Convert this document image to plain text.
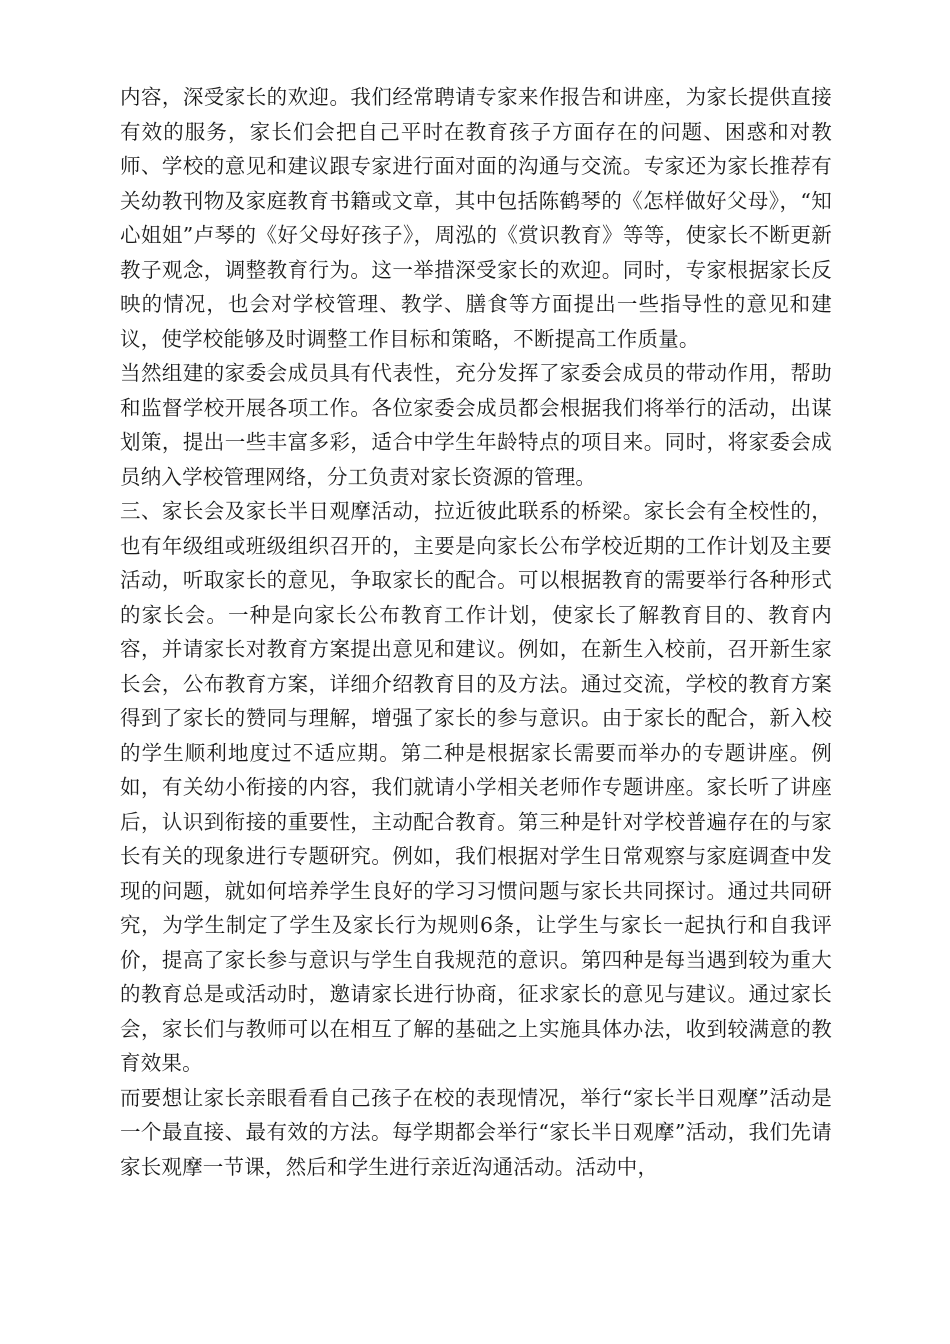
内容，深受家长的欢迎。我们经常聘请专家来作报告和讲座，为家长提供直接有效的服务，家长们会把自己平时在教育孩子方面存在的问题、困惑和对教师、学校的意见和建议跟专家进行面对面的沟通与交流。专家还为家长推荐有关幼教刊物及家庭教育书籍或文章，其中包括陈鹤琴的《怎样做好父母》，“知心姐姐”卢琴的《好父母好孩子》，周泓的《赏识教育》等等，使家长不断更新教子观念，调整教育行为。这一举措深受家长的欢迎。同时，专家根据家长反映的情况，也会对学校管理、教学、膳食等方面提出一些指导性的意见和建议，使学校能够及时调整工作目标和策略，不断提高工作质量。

当然组建的家委会成员具有代表性，充分发挥了家委会成员的带动作用，帮助和监督学校开展各项工作。各位家委会成员都会根据我们将举行的活动，出谋划策，提出一些丰富多彩，适合中学生年龄特点的项目来。同时，将家委会成员纳入学校管理网络，分工负责对家长资源的管理。

三、家长会及家长半日观摩活动，拉近彼此联系的桥梁。家长会有全校性的，也有年级组或班级组织召开的，主要是向家长公布学校近期的工作计划及主要活动，听取家长的意见，争取家长的配合。可以根据教育的需要举行各种形式的家长会。一种是向家长公布教育工作计划，使家长了解教育目的、教育内容，并请家长对教育方案提出意见和建议。例如，在新生入校前，召开新生家长会，公布教育方案，详细介绍教育目的及方法。通过交流，学校的教育方案得到了家长的赞同与理解，增强了家长的参与意识。由于家长的配合，新入校的学生顺利地度过不适应期。第二种是根据家长需要而举办的专题讲座。例如，有关幼小衔接的内容，我们就请小学相关老师作专题讲座。家长听了讲座后，认识到衔接的重要性，主动配合教育。第三种是针对学校普遍存在的与家长有关的现象进行专题研究。例如，我们根据对学生日常观察与家庭调查中发现的问题，就如何培养学生良好的学习习惯问题与家长共同探讨。通过共同研究，为学生制定了学生及家长行为规则6条，让学生与家长一起执行和自我评价，提高了家长参与意识与学生自我规范的意识。第四种是每当遇到较为重大的教育总是或活动时，邀请家长进行协商，征求家长的意见与建议。通过家长会，家长们与教师可以在相互了解的基础之上实施具体办法，收到较满意的教育效果。

而要想让家长亲眼看看自己孩子在校的表现情况，举行“家长半日观摩”活动是一个最直接、最有效的方法。每学期都会举行“家长半日观摩”活动，我们先请家长观摩一节课，然后和学生进行亲近沟通活动。活动中，
